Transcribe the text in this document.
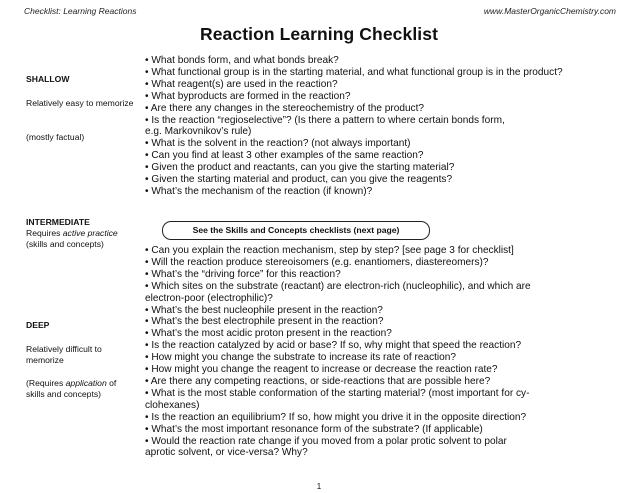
Checklist: Learning Reactions	www.MasterOrganicChemistry.com
Reaction Learning Checklist
SHALLOW
Relatively easy to memorize
(mostly factual)
INTERMEDIATE
Requires active practice
(skills and concepts)
DEEP
Relatively difficult to memorize
(Requires application of skills and concepts)

• What bonds form, and what bonds break?

• What functional group is in the starting material, and what functional group is in the product?

• What reagent(s) are used in the reaction?

• What byproducts are formed in the reaction?

• Are there any changes in the stereochemistry of the product?

• Is the reaction “regioselective”? (Is there a pattern to where certain bonds form,

e.g. Markovnikov’s rule)

• What is the solvent in the reaction? (not always important)

• Can you find at least 3 other examples of the same reaction?

• Given the product and reactants, can you give the starting material?

• Given the starting material and product, can you give the reagents?

• What’s the mechanism of the reaction (if known)?

See the Skills and Concepts checklists (next page)

• Can you explain the reaction mechanism, step by step? [see page 3 for checklist]

• Will the reaction produce stereoisomers (e.g. enantiomers, diastereomers)?

• What’s the “driving force” for this reaction?

• Which sites on the substrate (reactant) are electron-rich (nucleophilic), and which are

electron-poor (electrophilic)?

• What’s the best nucleophile present in the reaction?

• What’s the best electrophile present in the reaction?

• What’s the most acidic proton present in the reaction?

• Is the reaction catalyzed by acid or base? If so, why might that speed the reaction?

• How might you change the substrate to increase its rate of reaction?

• How might you change the reagent to increase or decrease the reaction rate?

• Are there any competing reactions, or side-reactions that are possible here?

• What is the most stable conformation of the starting material? (most important for cy-

clohexanes)

• Is the reaction an equilibrium? If so, how might you drive it in the opposite direction?

• What’s the most important resonance form of the substrate? (If applicable)

• Would the reaction rate change if you moved from a polar protic solvent to polar

aprotic solvent, or vice-versa? Why?

1
